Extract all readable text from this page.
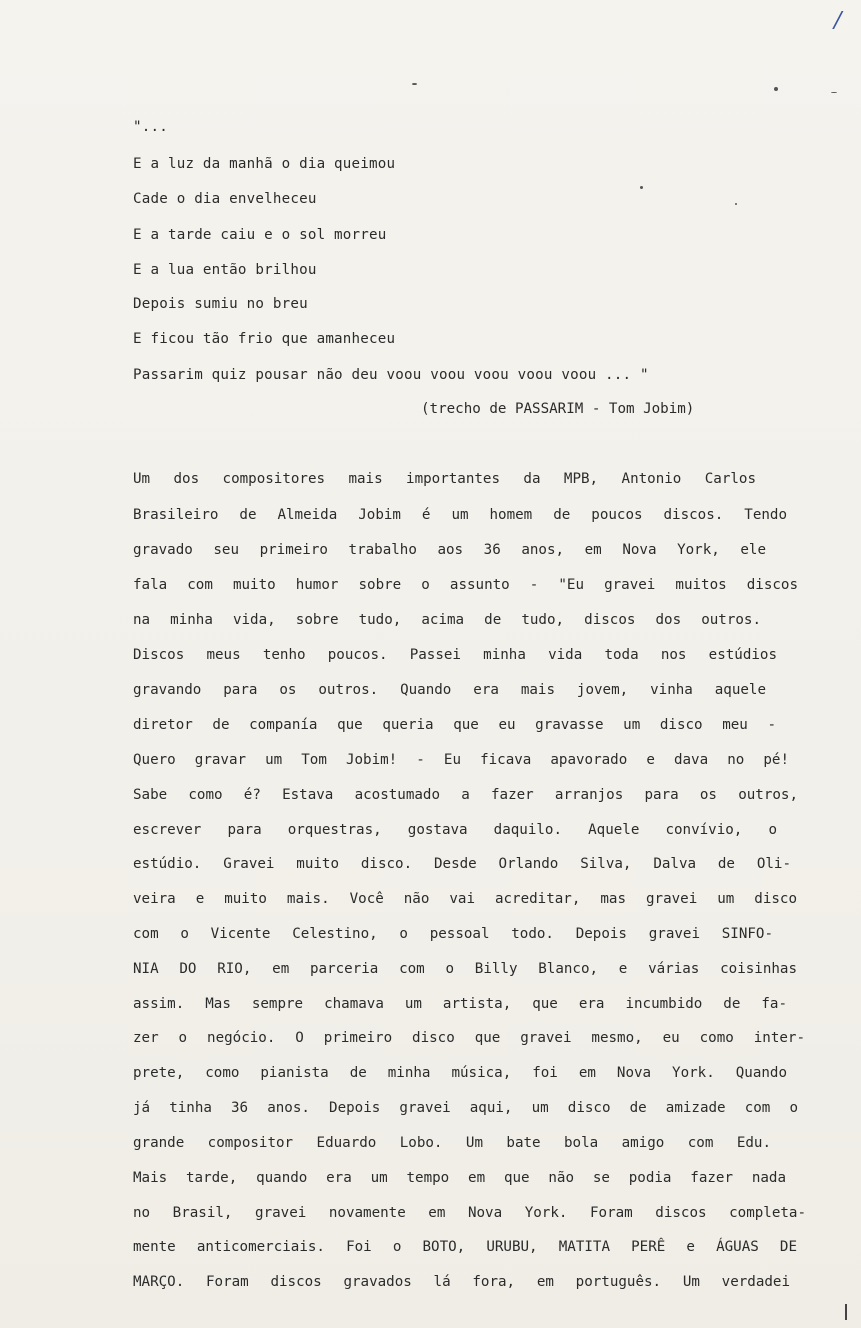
/
"...
E a luz da manhã o dia queimou
Cade o dia envelheceu
E a tarde caiu e o sol morreu
E a lua então brilhou
Depois sumiu no breu
E ficou tão frio que amanheceu
Passarim quiz pousar não deu voou voou voou voou voou ... "
(trecho de PASSARIM - Tom Jobim)
Um dos compositores mais importantes da MPB, Antonio Carlos
Brasileiro de Almeida Jobim é um homem de poucos discos. Tendo
gravado seu primeiro trabalho aos 36 anos, em Nova York, ele
fala com muito humor sobre o assunto - "Eu gravei muitos discos
na minha vida, sobre tudo, acima de tudo, discos dos outros.
Discos meus tenho poucos. Passei minha vida toda nos estúdios
gravando para os outros. Quando era mais jovem, vinha aquele
diretor de companía que queria que eu gravasse um disco meu -
Quero gravar um Tom Jobim! - Eu ficava apavorado e dava no pé!
Sabe como é? Estava acostumado a fazer arranjos para os outros,
escrever para orquestras, gostava daquilo. Aquele convívio, o
estúdio. Gravei muito disco. Desde Orlando Silva, Dalva de Oli-
veira e muito mais. Você não vai acreditar, mas gravei um disco
com o Vicente Celestino, o pessoal todo. Depois gravei SINFO-
NIA DO RIO, em parceria com o Billy Blanco, e várias coisinhas
assim. Mas sempre chamava um artista, que era incumbido de fa-
zer o negócio. O primeiro disco que gravei mesmo, eu como inter-
prete, como pianista de minha música, foi em Nova York. Quando
já tinha 36 anos. Depois gravei aqui, um disco de amizade com o
grande compositor Eduardo Lobo. Um bate bola amigo com Edu.
Mais tarde, quando era um tempo em que não se podia fazer nada
no Brasil, gravei novamente em Nova York. Foram discos completa-
mente anticomerciais. Foi o BOTO, URUBU, MATITA PERÊ e ÁGUAS DE
MARÇO. Foram discos gravados lá fora, em português. Um verdadei
